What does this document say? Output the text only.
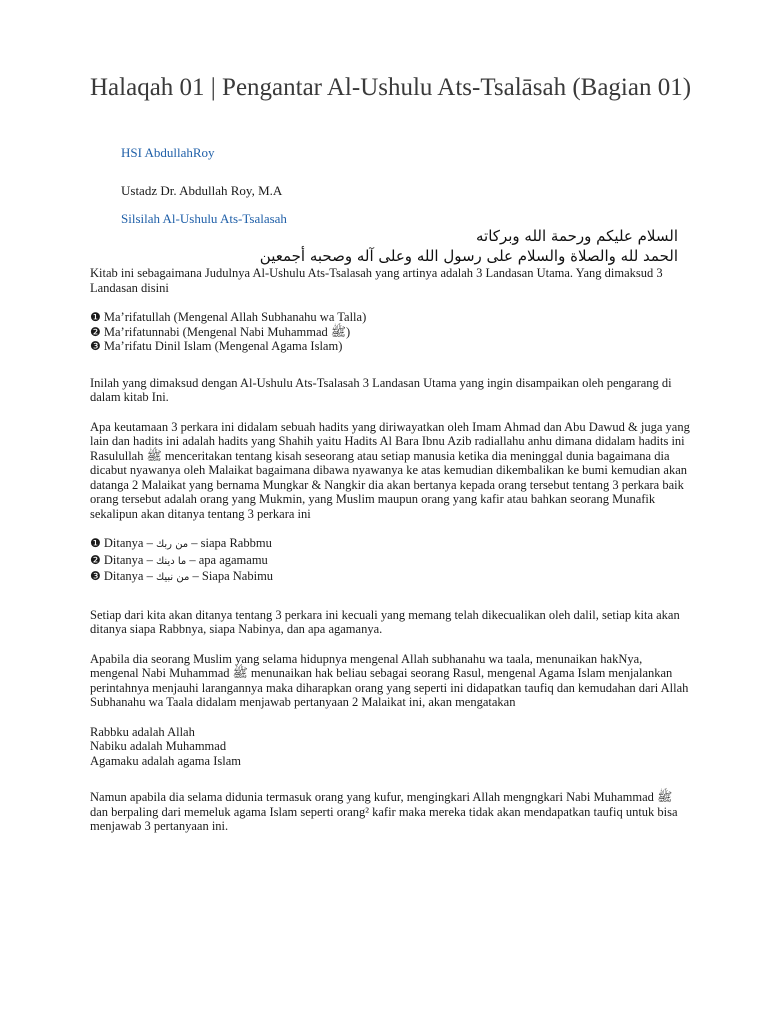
Halaqah 01 | Pengantar Al-Ushulu Ats-Tsalāsah (Bagian 01)
HSI AbdullahRoy
Ustadz Dr. Abdullah Roy, M.A
Silsilah Al-Ushulu Ats-Tsalasah
السلام عليكم ورحمة الله وبركاته
الحمد لله والصلاة والسلام على رسول الله وعلى آله وصحبه أجمعين

Kitab ini sebagaimana Judulnya Al-Ushulu Ats-Tsalasah yang artinya adalah 3 Landasan Utama. Yang dimaksud 3 Landasan disini

❶ Ma’rifatullah (Mengenal Allah Subhanahu wa Talla)
❷ Ma’rifatunnabi (Mengenal Nabi Muhammad ﷺ)
❸ Ma’rifatu Dinil Islam (Mengenal Agama Islam)

Inilah yang dimaksud dengan Al-Ushulu Ats-Tsalasah 3 Landasan Utama yang ingin disampaikan oleh pengarang di dalam kitab Ini.

Apa keutamaan 3 perkara ini didalam sebuah hadits yang diriwayatkan oleh Imam Ahmad dan Abu Dawud & juga yang lain dan hadits ini adalah hadits yang Shahih yaitu Hadits Al Bara Ibnu Azib radiallahu anhu dimana didalam hadits ini Rasulullah ﷺ menceritakan tentang kisah seseorang atau setiap manusia ketika dia meninggal dunia bagaimana dia dicabut nyawanya oleh Malaikat bagaimana dibawa nyawanya ke atas kemudian dikembalikan ke bumi kemudian akan datanga 2 Malaikat yang bernama Mungkar & Nangkir dia akan bertanya kepada orang tersebut tentang 3 perkara baik orang tersebut adalah orang yang Mukmin, yang Muslim maupun orang yang kafir atau bahkan seorang Munafik sekalipun akan ditanya tentang 3 perkara ini

❶ Ditanya – من ربك – siapa Rabbmu
❷ Ditanya – ما دينك – apa agamamu
❸ Ditanya – من نبيك – Siapa Nabimu

Setiap dari kita akan ditanya tentang 3 perkara ini kecuali yang memang telah dikecualikan oleh dalil, setiap kita akan ditanya siapa Rabbnya, siapa Nabinya, dan apa agamanya.

Apabila dia seorang Muslim yang selama hidupnya mengenal Allah subhanahu wa taala, menunaikan hakNya, mengenal Nabi Muhammad ﷺ menunaikan hak beliau sebagai seorang Rasul, mengenal Agama Islam menjalankan perintahnya menjauhi larangannya maka diharapkan orang yang seperti ini didapatkan taufiq dan kemudahan dari Allah Subhanahu wa Taala didalam menjawab pertanyaan 2 Malaikat ini, akan mengatakan

Rabbku adalah Allah
Nabiku adalah Muhammad
Agamaku adalah agama Islam

Namun apabila dia selama didunia termasuk orang yang kufur, mengingkari Allah mengngkari Nabi Muhammad ﷺ dan berpaling dari memeluk agama Islam seperti orang² kafir maka mereka tidak akan mendapatkan taufiq untuk bisa menjawab 3 pertanyaan ini.
